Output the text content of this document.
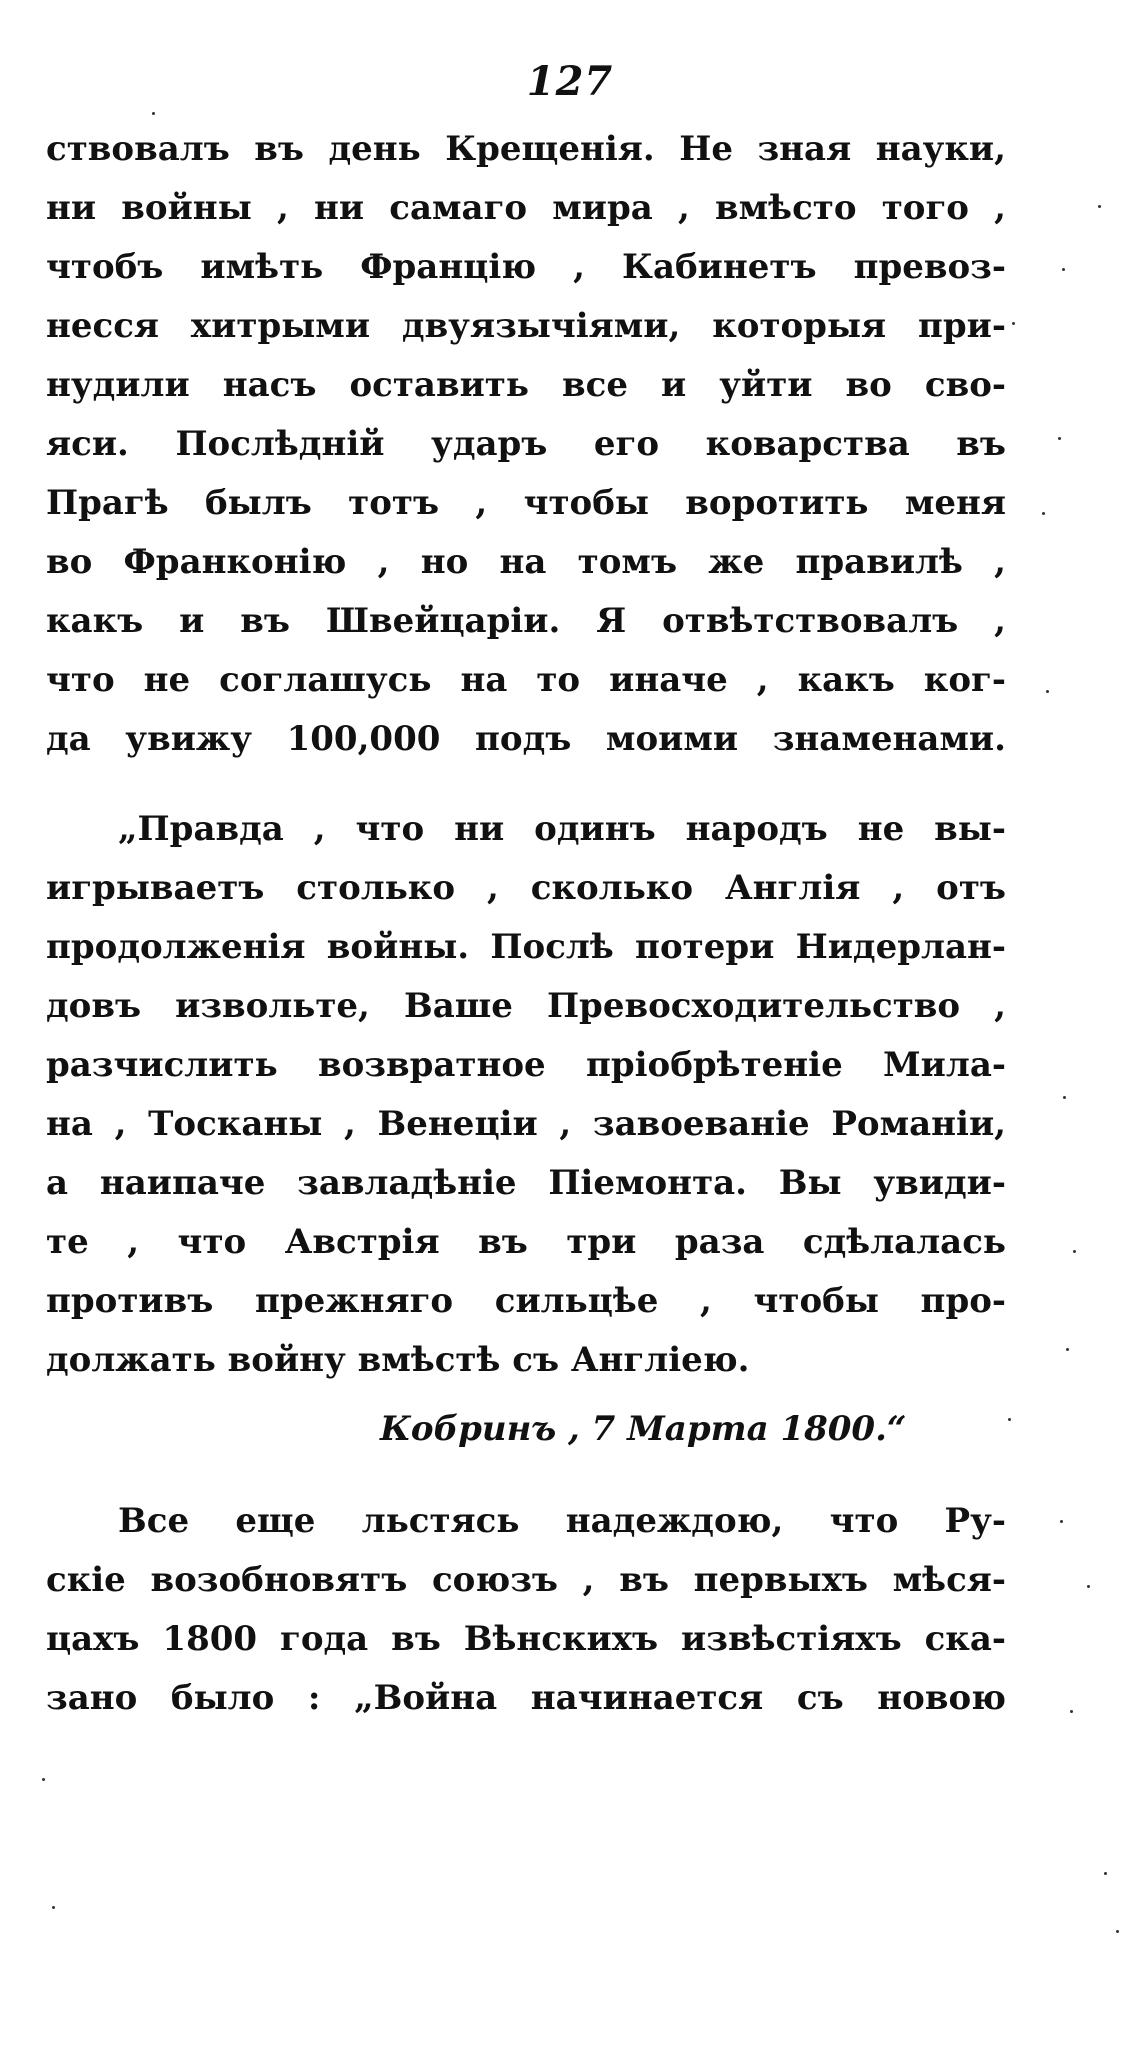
127
ствовалъ въ день Крещенія. Не зная науки,
ни войны , ни самаго мира , вмѣсто того ,
чтобъ имѣть Францію , Кабинетъ превоз-
несся хитрыми двуязычіями, которыя при-
нудили насъ оставить все и уйти во сво-
яси. Послѣдній ударъ его коварства въ
Прагѣ былъ тотъ , чтобы воротить меня
во Франконію , но на томъ же правилѣ ,
какъ и въ Швейцаріи. Я отвѣтствовалъ ,
что не соглашусь на то иначе , какъ ког-
да увижу 100,000 подъ моими знаменами.
„Правда , что ни одинъ народъ не вы-
игрываетъ столько , сколько Англія , отъ
продолженія войны. Послѣ потери Нидерлан-
довъ извольте, Ваше Превосходительство ,
разчислить возвратное пріобрѣтеніе Мила-
на , Тосканы , Венеціи , завоеваніе Романіи,
а наипаче завладѣніе Піемонта. Вы увиди-
те , что Австрія въ три раза сдѣлалась
противъ прежняго сильцѣе , чтобы про-
должать войну вмѣстѣ съ Англіею.
Кобринъ , 7 Марта 1800.“
Все еще льстясь надеждою, что Ру-
скіе возобновятъ союзъ , въ первыхъ мѣся-
цахъ 1800 года въ Вѣнскихъ извѣстіяхъ ска-
зано было : „Война начинается съ новою
